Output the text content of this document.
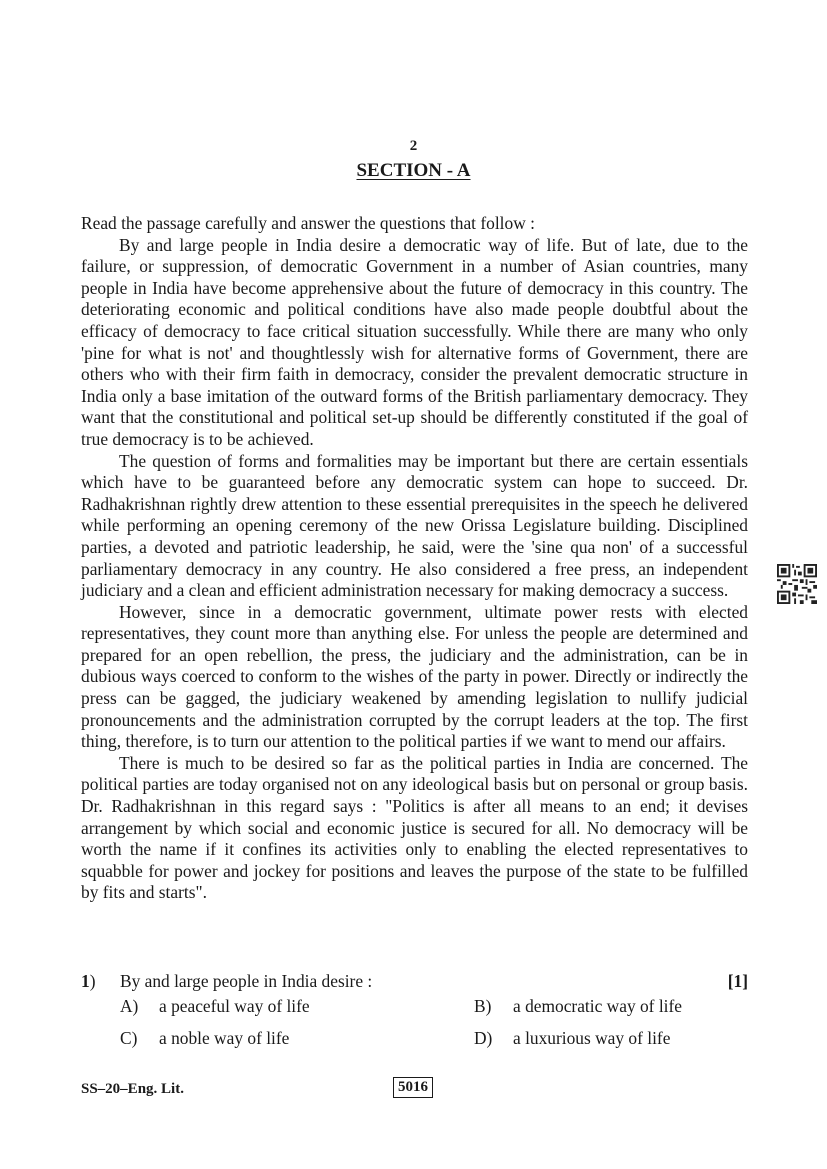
2
SECTION - A

Read the passage carefully and answer the questions that follow :

By and large people in India desire a democratic way of life. But of late, due to the failure, or suppression, of democratic Government in a number of Asian countries, many people in India have become apprehensive about the future of democracy in this country. The deteriorating economic and political conditions have also made people doubtful about the efficacy of democracy to face critical situation successfully. While there are many who only 'pine for what is not' and thoughtlessly wish for alternative forms of Government, there are others who with their firm faith in democracy, consider the prevalent democratic structure in India only a base imitation of the outward forms of the British parliamentary democracy. They want that the constitutional and political set-up should be differently constituted if the goal of true democracy is to be achieved.

The question of forms and formalities may be important but there are certain essentials which have to be guaranteed before any democratic system can hope to succeed. Dr. Radhakrishnan rightly drew attention to these essential prerequisites in the speech he delivered while performing an opening ceremony of the new Orissa Legislature building. Disciplined parties, a devoted and patriotic leadership, he said, were the 'sine qua non' of a successful parliamentary democracy in any country. He also considered a free press, an independent judiciary and a clean and efficient administration necessary for making democracy a success.

However, since in a democratic government, ultimate power rests with elected representatives, they count more than anything else. For unless the people are determined and prepared for an open rebellion, the press, the judiciary and the administration, can be in dubious ways coerced to conform to the wishes of the party in power. Directly or indirectly the press can be gagged, the judiciary weakened by amending legislation to nullify judicial pronouncements and the administration corrupted by the corrupt leaders at the top. The first thing, therefore, is to turn our attention to the political parties if we want to mend our affairs.

There is much to be desired so far as the political parties in India are concerned. The political parties are today organised not on any ideological basis but on personal or group basis. Dr. Radhakrishnan in this regard says : "Politics is after all means to an end; it devises arrangement by which social and economic justice is secured for all. No democracy will be worth the name if it confines its activities only to enabling the elected representatives to squabble for power and jockey for positions and leaves the purpose of the state to be fulfilled by fits and starts".

1) By and large people in India desire :	[1]
A) a peaceful way of life	B) a democratic way of life
C) a noble way of life	D) a luxurious way of life
SS–20–Eng. Lit.	5016
